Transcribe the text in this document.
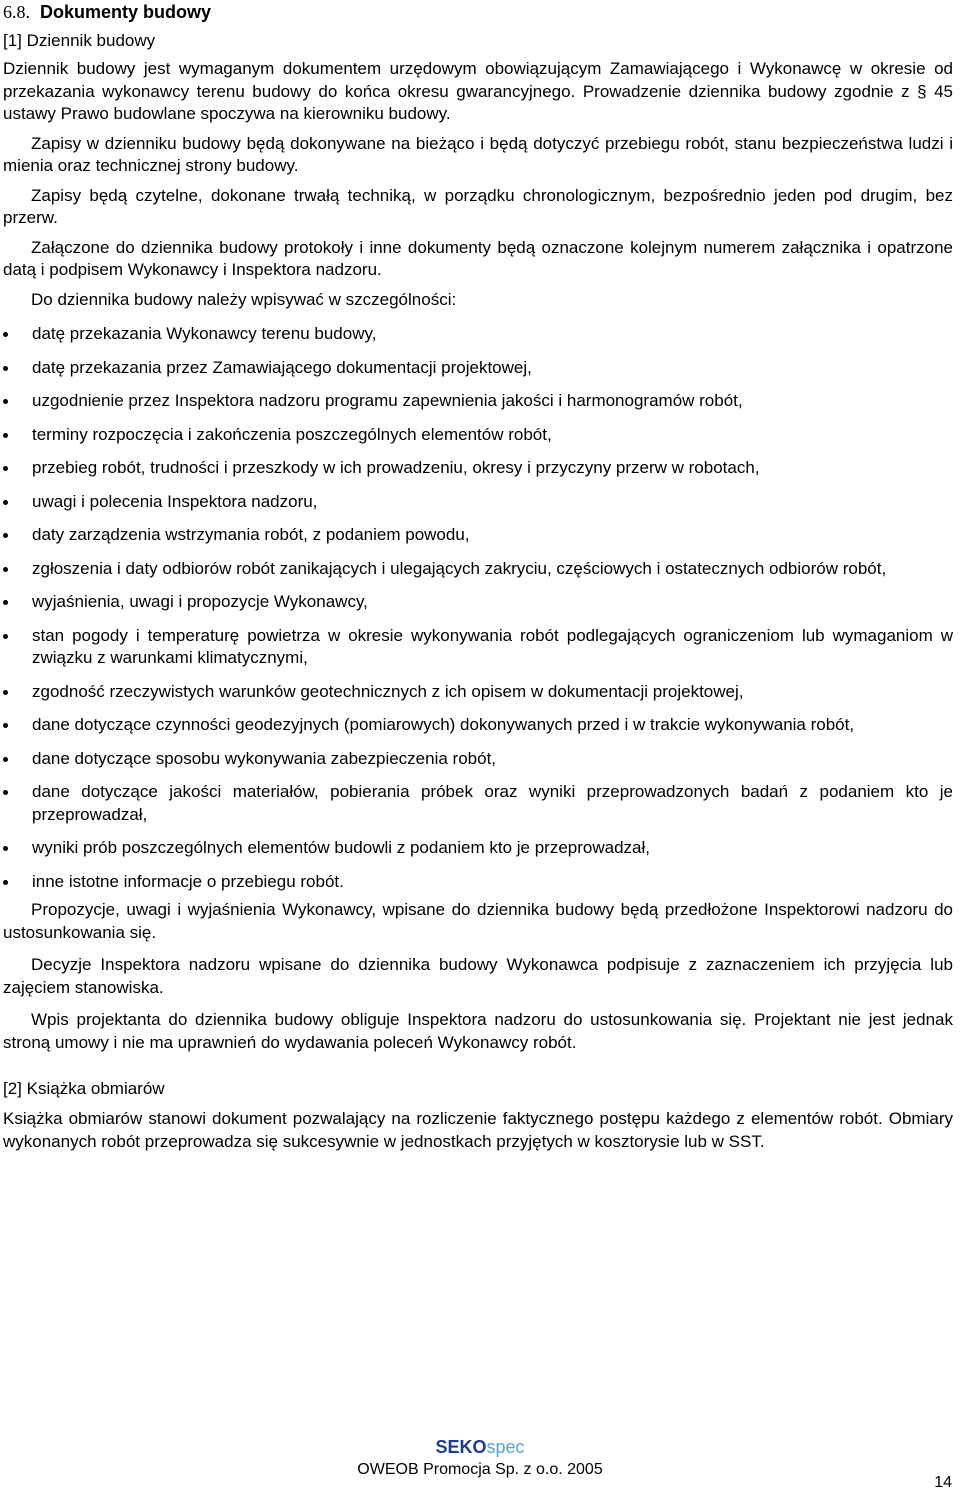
6.8. Dokumenty budowy
[1] Dziennik budowy

Dziennik budowy jest wymaganym dokumentem urzędowym obowiązującym Zamawiającego i Wykonawcę w okresie od przekazania wykonawcy terenu budowy do końca okresu gwarancyjnego. Prowadzenie dziennika budowy zgodnie z § 45 ustawy Prawo budowlane spoczywa na kierowniku budowy.

Zapisy w dzienniku budowy będą dokonywane na bieżąco i będą dotyczyć przebiegu robót, stanu bezpieczeństwa ludzi i mienia oraz technicznej strony budowy.

Zapisy będą czytelne, dokonane trwałą techniką, w porządku chronologicznym, bezpośrednio jeden pod drugim, bez przerw.

Załączone do dziennika budowy protokoły i inne dokumenty będą oznaczone kolejnym numerem załącznika i opatrzone datą i podpisem Wykonawcy i Inspektora nadzoru.

Do dziennika budowy należy wpisywać w szczególności:

datę przekazania Wykonawcy terenu budowy,
datę przekazania przez Zamawiającego dokumentacji projektowej,
uzgodnienie przez Inspektora nadzoru programu zapewnienia jakości i harmonogramów robót,
terminy rozpoczęcia i zakończenia poszczególnych elementów robót,
przebieg robót, trudności i przeszkody w ich prowadzeniu, okresy i przyczyny przerw w robotach,
uwagi i polecenia Inspektora nadzoru,
daty zarządzenia wstrzymania robót, z podaniem powodu,
zgłoszenia i daty odbiorów robót zanikających i ulegających zakryciu, częściowych i ostatecznych odbiorów robót,
wyjaśnienia, uwagi i propozycje Wykonawcy,
stan pogody i temperaturę powietrza w okresie wykonywania robót podlegających ograniczeniom lub wymaganiom w związku z warunkami klimatycznymi,
zgodność rzeczywistych warunków geotechnicznych z ich opisem w dokumentacji projektowej,
dane dotyczące czynności geodezyjnych (pomiarowych) dokonywanych przed i w trakcie wykonywania robót,
dane dotyczące sposobu wykonywania zabezpieczenia robót,
dane dotyczące jakości materiałów, pobierania próbek oraz wyniki przeprowadzonych badań z podaniem kto je przeprowadzał,
wyniki prób poszczególnych elementów budowli z podaniem kto je przeprowadzał,
inne istotne informacje o przebiegu robót.

Propozycje, uwagi i wyjaśnienia Wykonawcy, wpisane do dziennika budowy będą przedłożone Inspektorowi nadzoru do ustosunkowania się.

Decyzje Inspektora nadzoru wpisane do dziennika budowy Wykonawca podpisuje z zaznaczeniem ich przyjęcia lub zajęciem stanowiska.

Wpis projektanta do dziennika budowy obliguje Inspektora nadzoru do ustosunkowania się. Projektant nie jest jednak stroną umowy i nie ma uprawnień do wydawania poleceń Wykonawcy robót.

[2] Książka obmiarów

Książka obmiarów stanowi dokument pozwalający na rozliczenie faktycznego postępu każdego z elementów robót. Obmiary wykonanych robót przeprowadza się sukcesywnie w jednostkach przyjętych w kosztorysie lub w SST.

SEKOspec
OWEOB Promocja Sp. z o.o. 2005
14
